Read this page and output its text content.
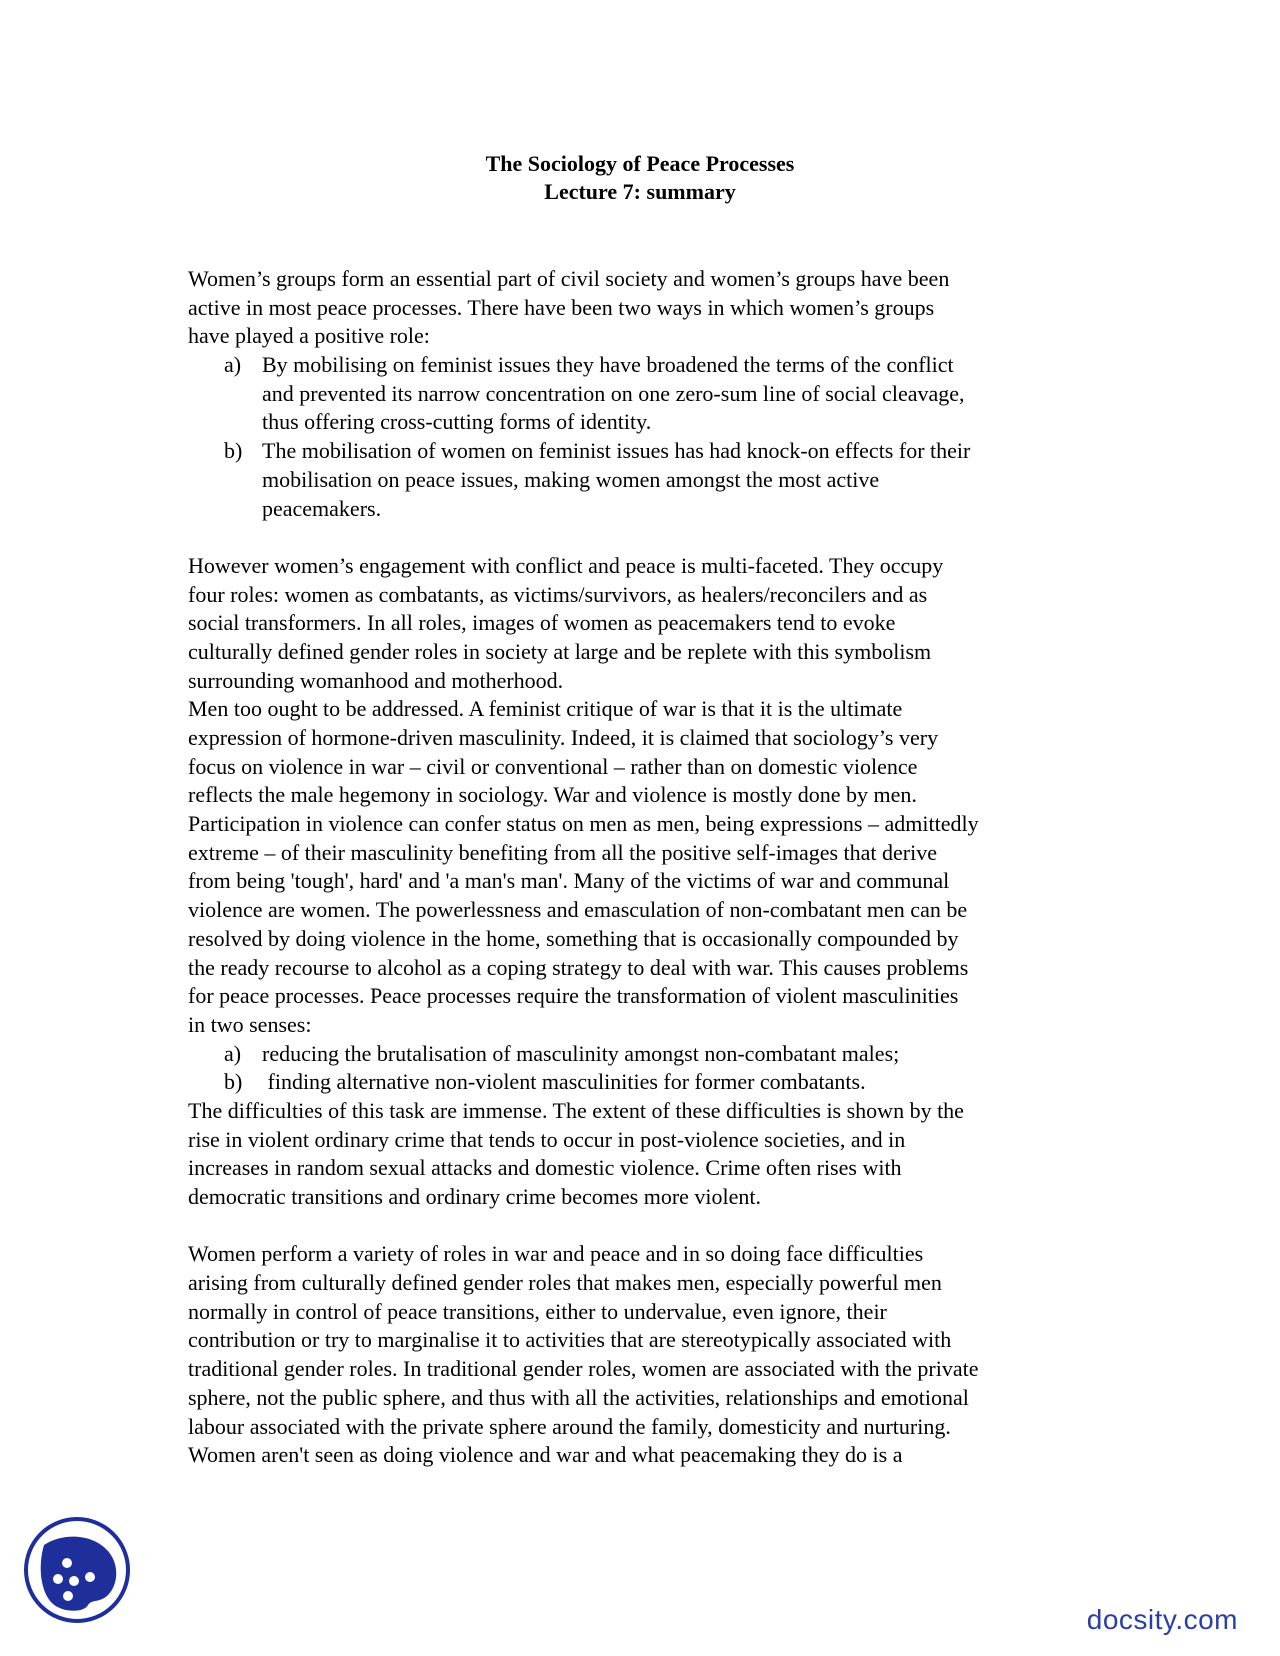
The Sociology of Peace Processes
Lecture 7: summary
Women’s groups form an essential part of civil society and women’s groups have been
active in most peace processes. There have been two ways in which women’s groups
have played a positive role:
a) By mobilising on feminist issues they have broadened the terms of the conflict
and prevented its narrow concentration on one zero-sum line of social cleavage,
thus offering cross-cutting forms of identity.
b) The mobilisation of women on feminist issues has had knock-on effects for their
mobilisation on peace issues, making women amongst the most active
peacemakers.
However women’s engagement with conflict and peace is multi-faceted. They occupy
four roles: women as combatants, as victims/survivors, as healers/reconcilers and as
social transformers. In all roles, images of women as peacemakers tend to evoke
culturally defined gender roles in society at large and be replete with this symbolism
surrounding womanhood and motherhood.
Men too ought to be addressed. A feminist critique of war is that it is the ultimate
expression of hormone-driven masculinity. Indeed, it is claimed that sociology’s very
focus on violence in war – civil or conventional – rather than on domestic violence
reflects the male hegemony in sociology. War and violence is mostly done by men.
Participation in violence can confer status on men as men, being expressions – admittedly
extreme – of their masculinity benefiting from all the positive self-images that derive
from being 'tough', hard' and 'a man's man'. Many of the victims of war and communal
violence are women. The powerlessness and emasculation of non-combatant men can be
resolved by doing violence in the home, something that is occasionally compounded by
the ready recourse to alcohol as a coping strategy to deal with war. This causes problems
for peace processes. Peace processes require the transformation of violent masculinities
in two senses:
a) reducing the brutalisation of masculinity amongst non-combatant males;
b) finding alternative non-violent masculinities for former combatants.
The difficulties of this task are immense. The extent of these difficulties is shown by the
rise in violent ordinary crime that tends to occur in post-violence societies, and in
increases in random sexual attacks and domestic violence. Crime often rises with
democratic transitions and ordinary crime becomes more violent.
Women perform a variety of roles in war and peace and in so doing face difficulties
arising from culturally defined gender roles that makes men, especially powerful men
normally in control of peace transitions, either to undervalue, even ignore, their
contribution or try to marginalise it to activities that are stereotypically associated with
traditional gender roles. In traditional gender roles, women are associated with the private
sphere, not the public sphere, and thus with all the activities, relationships and emotional
labour associated with the private sphere around the family, domesticity and nurturing.
Women aren't seen as doing violence and war and what peacemaking they do is a
docsity.com
